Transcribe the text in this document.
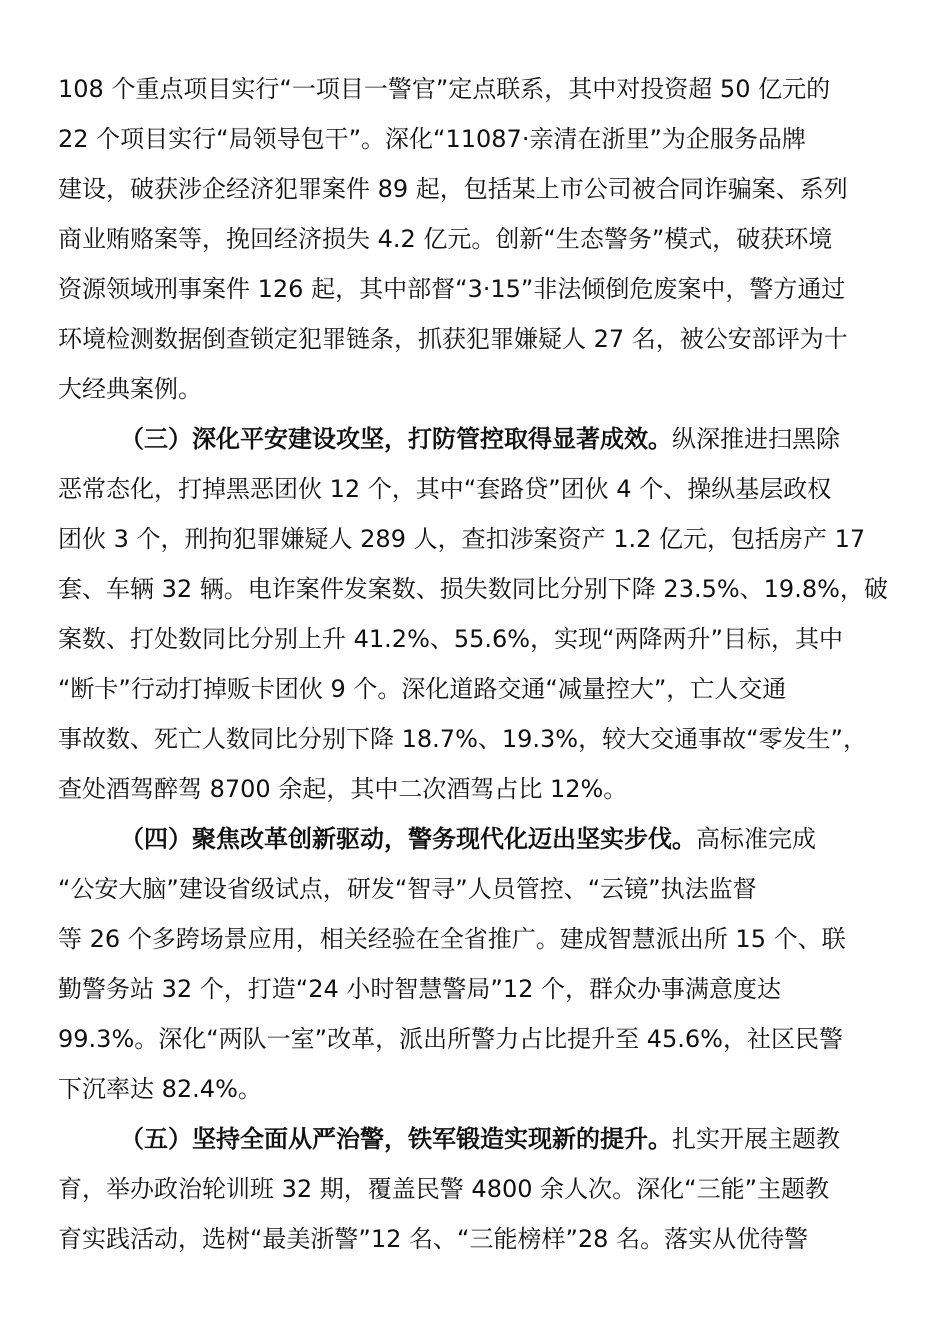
108 个重点项目实行“一项目一警官”定点联系，其中对投资超 50 亿元的
22 个项目实行“局领导包干”。深化“11087·亲清在浙里”为企服务品牌
建设，破获涉企经济犯罪案件 89 起，包括某上市公司被合同诈骗案、系列
商业贿赂案等，挽回经济损失 4.2 亿元。创新“生态警务”模式，破获环境
资源领域刑事案件 126 起，其中部督“3·15”非法倾倒危废案中，警方通过
环境检测数据倒查锁定犯罪链条，抓获犯罪嫌疑人 27 名，被公安部评为十
大经典案例。
（三）深化平安建设攻坚，打防管控取得显著成效。纵深推进扫黑除
恶常态化，打掉黑恶团伙 12 个，其中“套路贷”团伙 4 个、操纵基层政权
团伙 3 个，刑拘犯罪嫌疑人 289 人，查扣涉案资产 1.2 亿元，包括房产 17
套、车辆 32 辆。电诈案件发案数、损失数同比分别下降 23.5%、19.8%，破
案数、打处数同比分别上升 41.2%、55.6%，实现“两降两升”目标，其中
“断卡”行动打掉贩卡团伙 9 个。深化道路交通“减量控大”，亡人交通
事故数、死亡人数同比分别下降 18.7%、19.3%，较大交通事故“零发生”，
查处酒驾醉驾 8700 余起，其中二次酒驾占比 12%。
（四）聚焦改革创新驱动，警务现代化迈出坚实步伐。高标准完成
“公安大脑”建设省级试点，研发“智寻”人员管控、“云镜”执法监督
等 26 个多跨场景应用，相关经验在全省推广。建成智慧派出所 15 个、联
勤警务站 32 个，打造“24 小时智慧警局”12 个，群众办事满意度达
99.3%。深化“两队一室”改革，派出所警力占比提升至 45.6%，社区民警
下沉率达 82.4%。
（五）坚持全面从严治警，铁军锻造实现新的提升。扎实开展主题教
育，举办政治轮训班 32 期，覆盖民警 4800 余人次。深化“三能”主题教
育实践活动，选树“最美浙警”12 名、“三能榜样”28 名。落实从优待警
